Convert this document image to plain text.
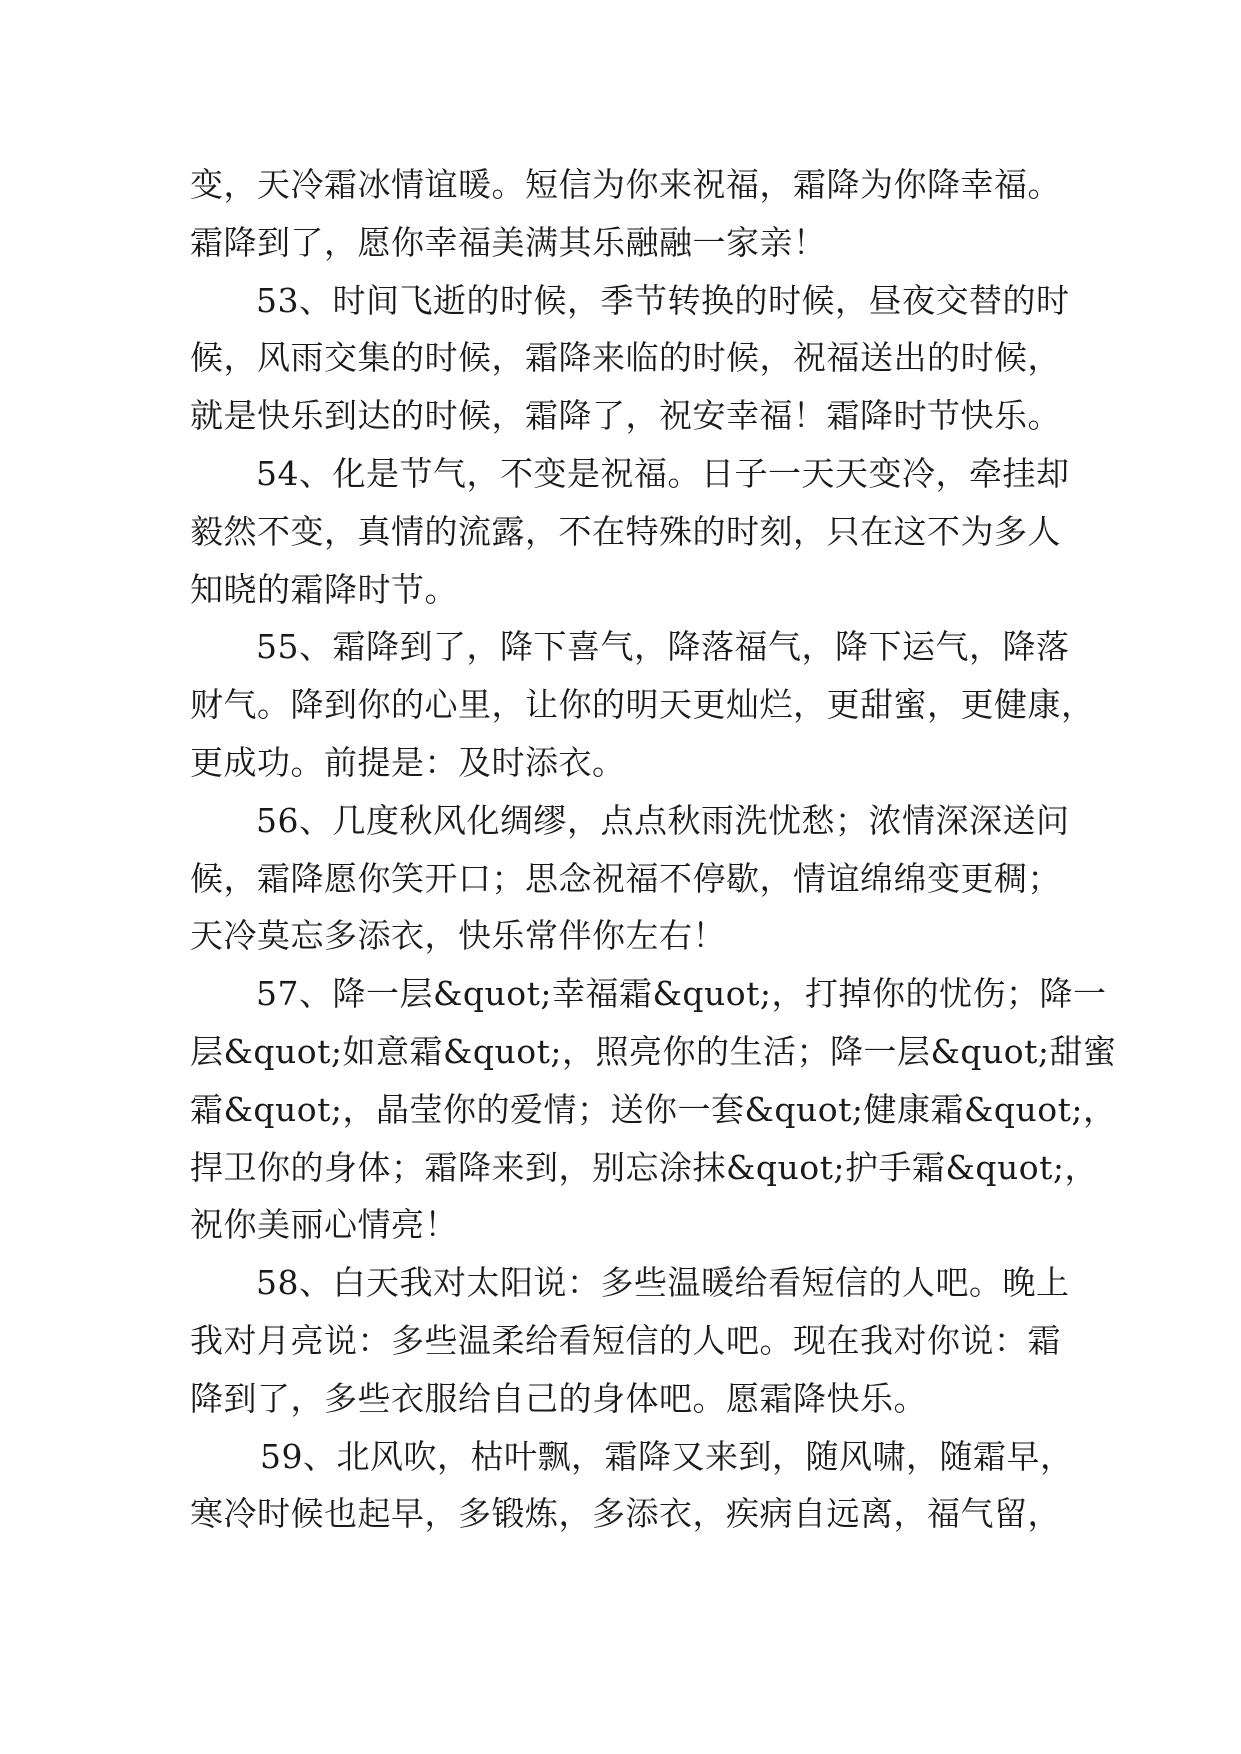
变，天冷霜冰情谊暖。短信为你来祝福，霜降为你降幸福。
霜降到了，愿你幸福美满其乐融融一家亲！
53、时间飞逝的时候，季节转换的时候，昼夜交替的时
候，风雨交集的时候，霜降来临的时候，祝福送出的时候，
就是快乐到达的时候，霜降了，祝安幸福！霜降时节快乐。
54、化是节气，不变是祝福。日子一天天变冷，牵挂却
毅然不变，真情的流露，不在特殊的时刻，只在这不为多人
知晓的霜降时节。
55、霜降到了，降下喜气，降落福气，降下运气，降落
财气。降到你的心里，让你的明天更灿烂，更甜蜜，更健康，
更成功。前提是：及时添衣。
56、几度秋风化绸缪，点点秋雨洗忧愁；浓情深深送问
候，霜降愿你笑开口；思念祝福不停歇，情谊绵绵变更稠；
天冷莫忘多添衣，快乐常伴你左右！
57、降一层&quot;幸福霜&quot;，打掉你的忧伤；降一
层&quot;如意霜&quot;，照亮你的生活；降一层&quot;甜蜜
霜&quot;，晶莹你的爱情；送你一套&quot;健康霜&quot;，
捍卫你的身体；霜降来到，别忘涂抹&quot;护手霜&quot;，
祝你美丽心情亮！
58、白天我对太阳说：多些温暖给看短信的人吧。晚上
我对月亮说：多些温柔给看短信的人吧。现在我对你说：霜
降到了，多些衣服给自己的身体吧。愿霜降快乐。
59、北风吹，枯叶飘，霜降又来到，随风啸，随霜早，
寒冷时候也起早，多锻炼，多添衣，疾病自远离，福气留，
